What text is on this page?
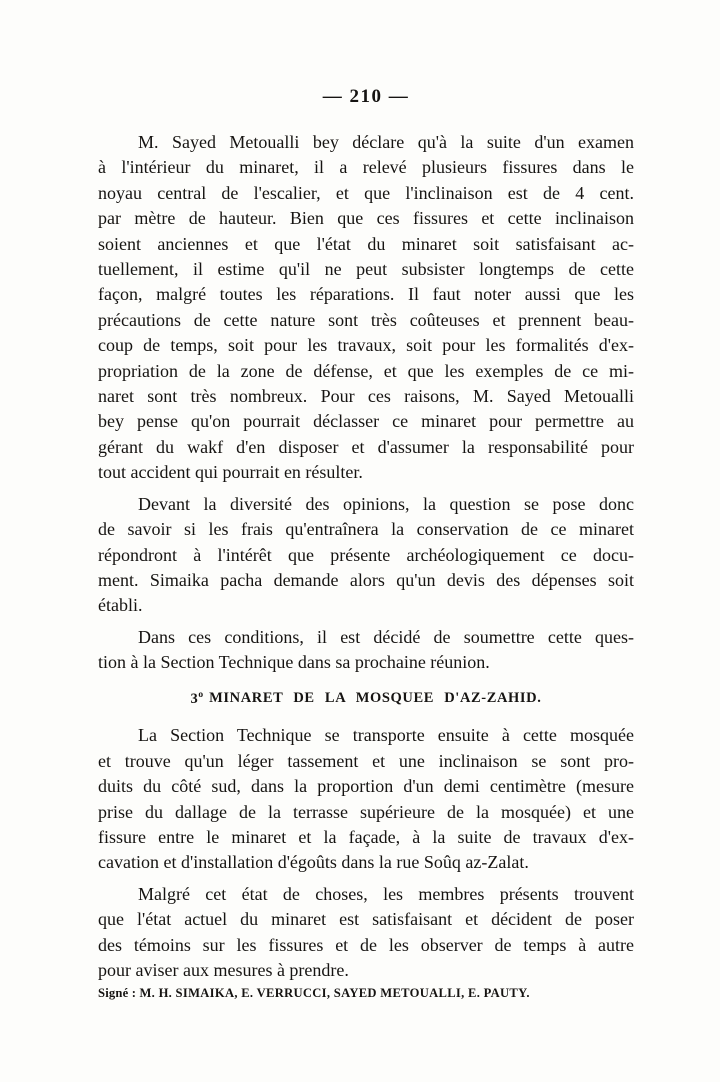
— 210 —

M. Sayed Metoualli bey déclare qu'à la suite d'un examen
à l'intérieur du minaret, il a relevé plusieurs fissures dans le
noyau central de l'escalier, et que l'inclinaison est de 4 cent.
par mètre de hauteur. Bien que ces fissures et cette inclinaison
soient anciennes et que l'état du minaret soit satisfaisant ac-
tuellement, il estime qu'il ne peut subsister longtemps de cette
façon, malgré toutes les réparations. Il faut noter aussi que les
précautions de cette nature sont très coûteuses et prennent beau-
coup de temps, soit pour les travaux, soit pour les formalités d'ex-
propriation de la zone de défense, et que les exemples de ce mi-
naret sont très nombreux. Pour ces raisons, M. Sayed Metoualli
bey pense qu'on pourrait déclasser ce minaret pour permettre au
gérant du wakf d'en disposer et d'assumer la responsabilité pour
tout accident qui pourrait en résulter.

Devant la diversité des opinions, la question se pose donc
de savoir si les frais qu'entraînera la conservation de ce minaret
répondront à l'intérêt que présente archéologiquement ce docu-
ment. Simaika pacha demande alors qu'un devis des dépenses soit
établi.

Dans ces conditions, il est décidé de soumettre cette ques-
tion à la Section Technique dans sa prochaine réunion.

3$^o$ MINARET DE LA MOSQUEE D'AZ-ZAHID.

La Section Technique se transporte ensuite à cette mosquée
et trouve qu'un léger tassement et une inclinaison se sont pro-
duits du côté sud, dans la proportion d'un demi centimètre (mesure
prise du dallage de la terrasse supérieure de la mosquée) et une
fissure entre le minaret et la façade, à la suite de travaux d'ex-
cavation et d'installation d'égoûts dans la rue Soûq az-Zalat.

Malgré cet état de choses, les membres présents trouvent
que l'état actuel du minaret est satisfaisant et décident de poser
des témoins sur les fissures et de les observer de temps à autre
pour aviser aux mesures à prendre.

Signé : M. H. SIMAIKA, E. VERRUCCI, SAYED METOUALLI, E. PAUTY.
